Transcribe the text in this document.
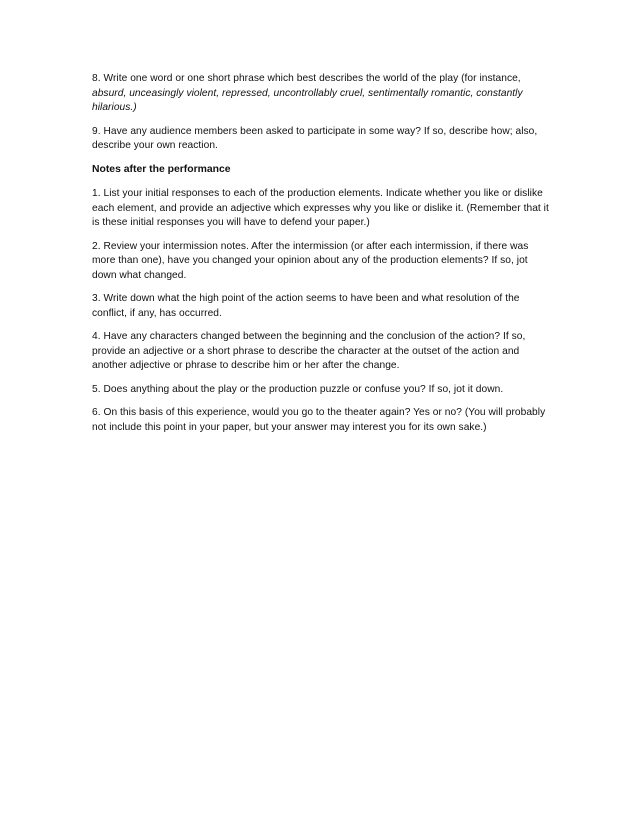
8. Write one word or one short phrase which best describes the world of the play (for instance, absurd, unceasingly violent, repressed, uncontrollably cruel, sentimentally romantic, constantly hilarious.)

9. Have any audience members been asked to participate in some way? If so, describe how; also, describe your own reaction.

Notes after the performance

1. List your initial responses to each of the production elements. Indicate whether you like or dislike each element, and provide an adjective which expresses why you like or dislike it. (Remember that it is these initial responses you will have to defend your paper.)

2. Review your intermission notes. After the intermission (or after each intermission, if there was more than one), have you changed your opinion about any of the production elements? If so, jot down what changed.

3. Write down what the high point of the action seems to have been and what resolution of the conflict, if any, has occurred.

4. Have any characters changed between the beginning and the conclusion of the action? If so, provide an adjective or a short phrase to describe the character at the outset of the action and another adjective or phrase to describe him or her after the change.

5. Does anything about the play or the production puzzle or confuse you? If so, jot it down.

6. On this basis of this experience, would you go to the theater again? Yes or no? (You will probably not include this point in your paper, but your answer may interest you for its own sake.)
